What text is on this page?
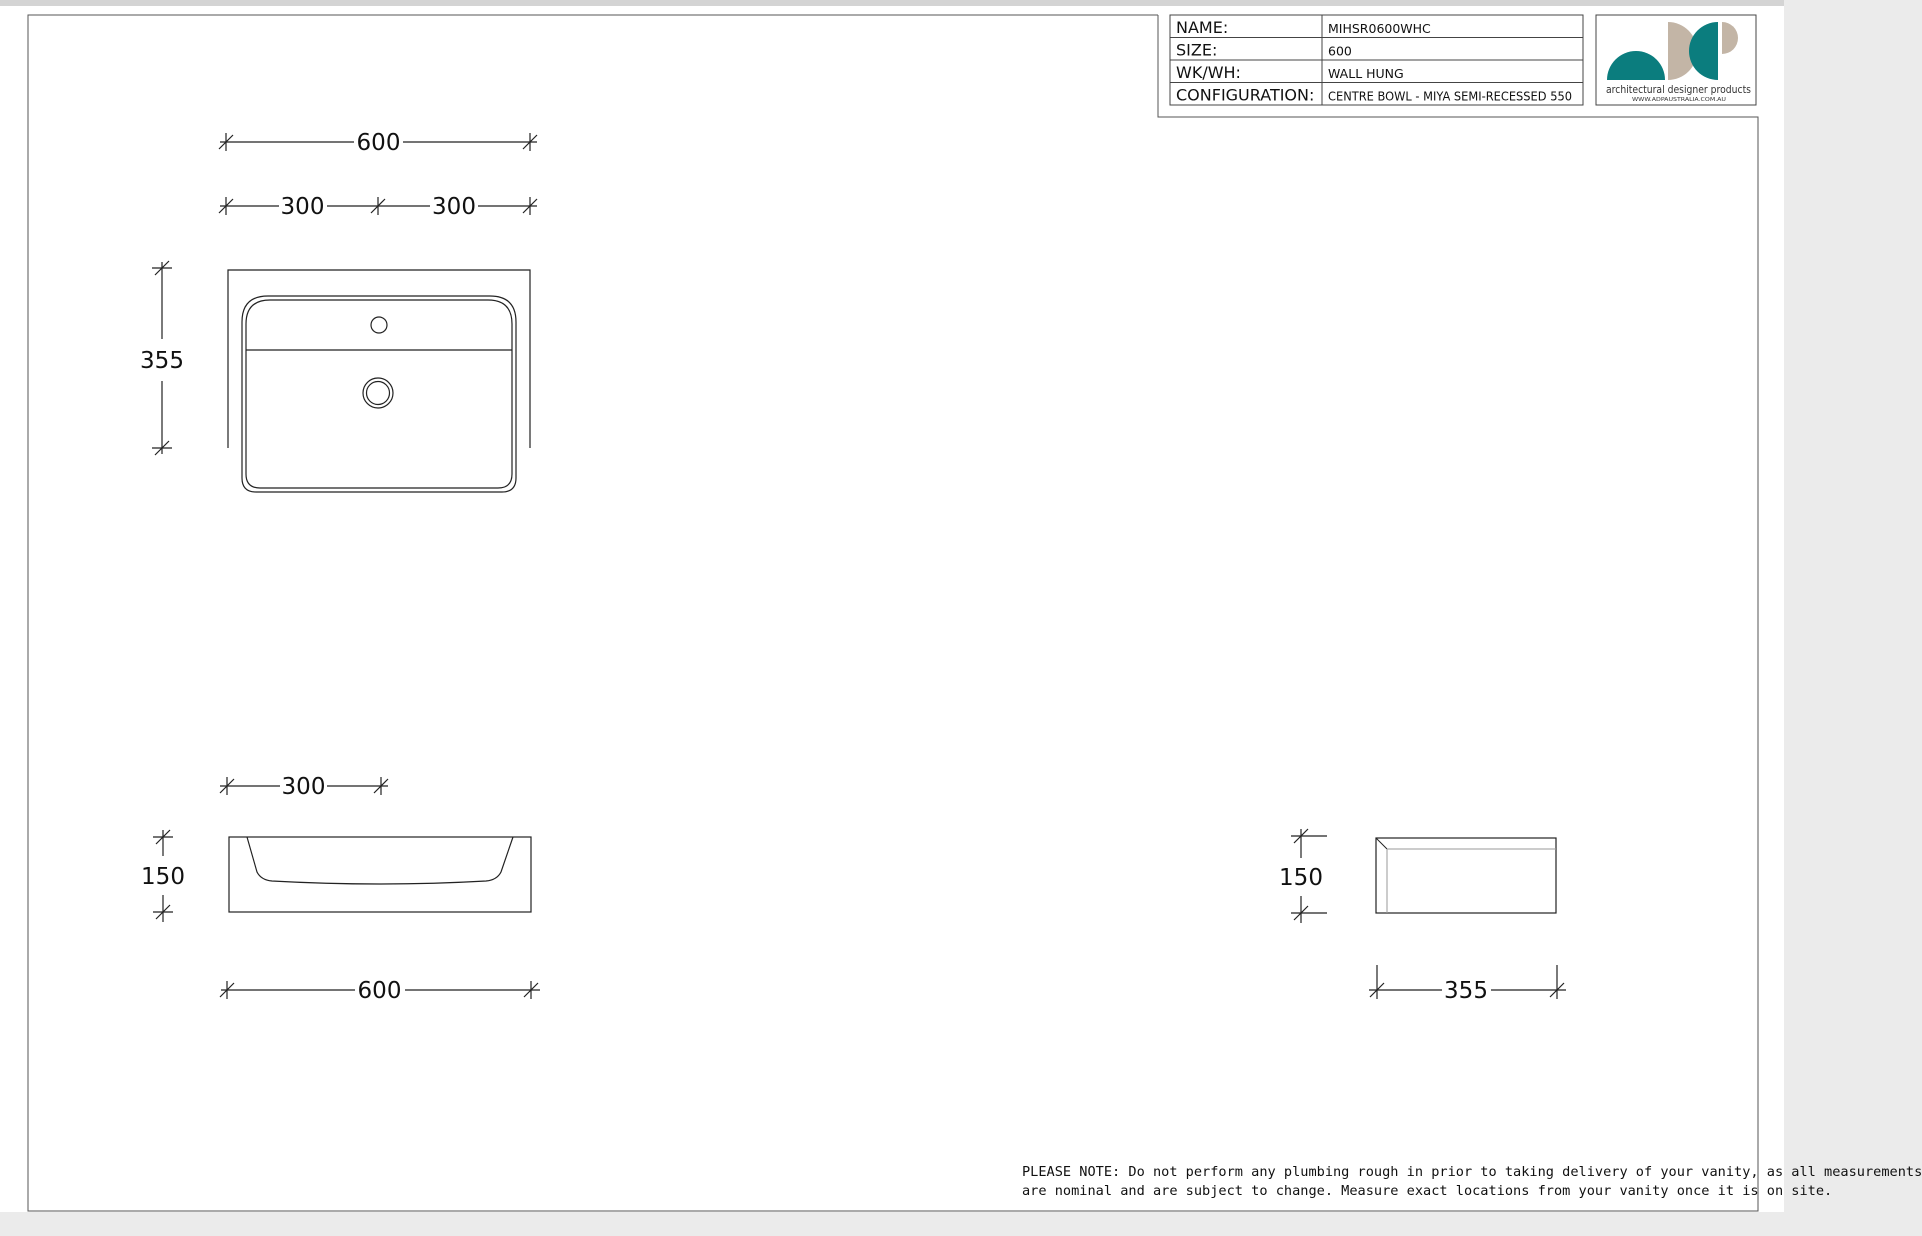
NAME:
SIZE:
WK/WH:
CONFIGURATION:
MIHSR0600WHC
600
WALL HUNG
CENTRE BOWL - MIYA SEMI-RECESSED 550	architectural designer products
WWW.ADPAUSTRALIA.COM.AU
600
300	300
355
300
150
600
150
355

PLEASE NOTE: Do not perform any plumbing rough in prior to taking delivery of your vanity, as all measurements
are nominal and are subject to change. Measure exact locations from your vanity once it is on site.
